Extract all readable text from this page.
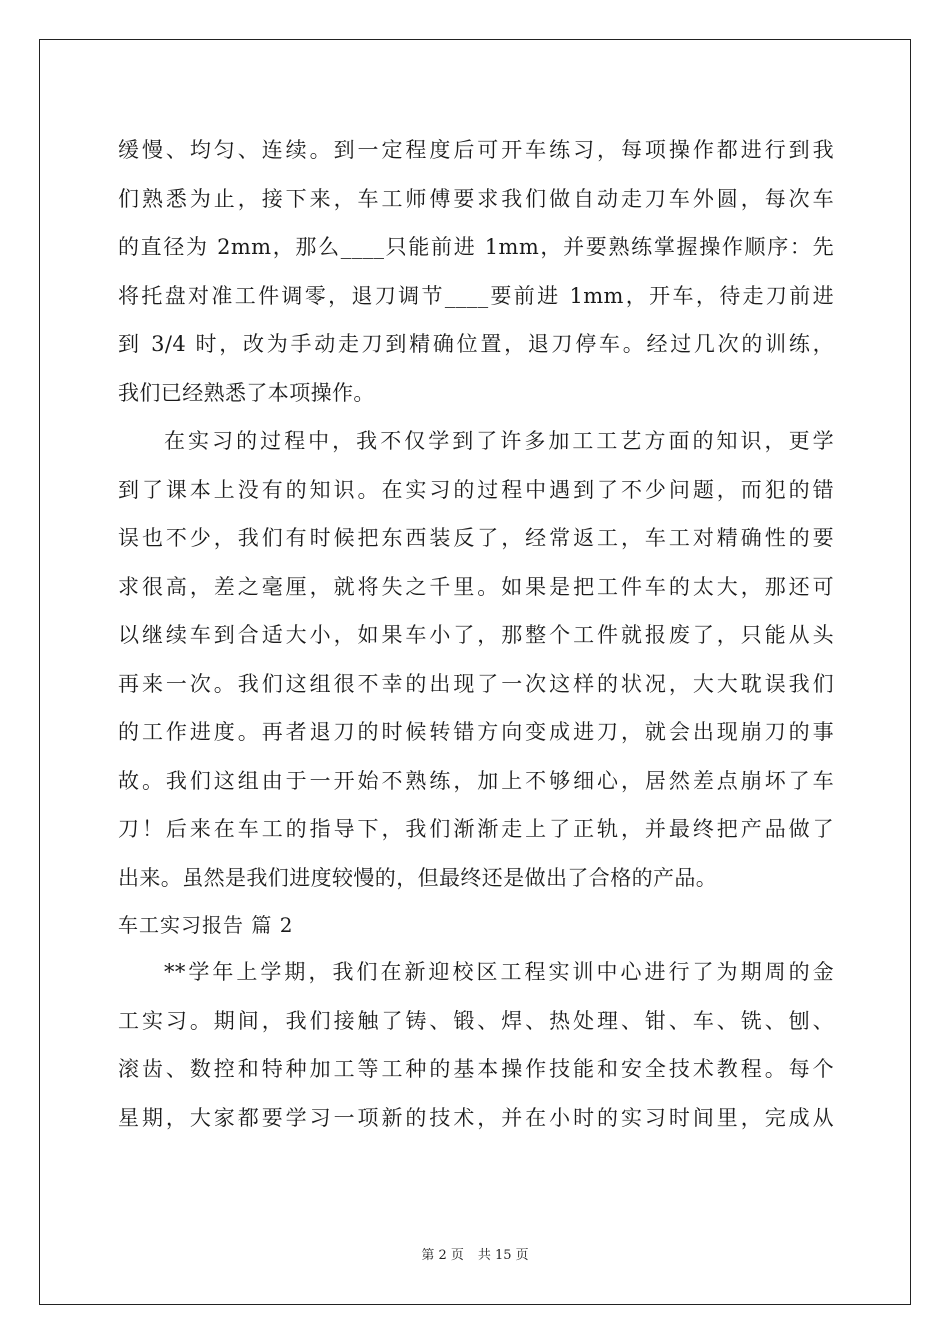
缓慢、均匀、连续。到一定程度后可开车练习，每项操作都进行到我
们熟悉为止，接下来，车工师傅要求我们做自动走刀车外圆，每次车
的直径为 2mm，那么____只能前进 1mm，并要熟练掌握操作顺序：先
将托盘对准工件调零，退刀调节____要前进 1mm，开车，待走刀前进
到 3/4 时，改为手动走刀到精确位置，退刀停车。经过几次的训练，
我们已经熟悉了本项操作。
在实习的过程中，我不仅学到了许多加工工艺方面的知识，更学
到了课本上没有的知识。在实习的过程中遇到了不少问题，而犯的错
误也不少，我们有时候把东西装反了，经常返工，车工对精确性的要
求很高，差之毫厘，就将失之千里。如果是把工件车的太大，那还可
以继续车到合适大小，如果车小了，那整个工件就报废了，只能从头
再来一次。我们这组很不幸的出现了一次这样的状况，大大耽误我们
的工作进度。再者退刀的时候转错方向变成进刀，就会出现崩刀的事
故。我们这组由于一开始不熟练，加上不够细心，居然差点崩坏了车
刀！后来在车工的指导下，我们渐渐走上了正轨，并最终把产品做了
出来。虽然是我们进度较慢的，但最终还是做出了合格的产品。
车工实习报告 篇 2
**学年上学期，我们在新迎校区工程实训中心进行了为期周的金
工实习。期间，我们接触了铸、锻、焊、热处理、钳、车、铣、刨、
滚齿、数控和特种加工等工种的基本操作技能和安全技术教程。每个
星期，大家都要学习一项新的技术，并在小时的实习时间里，完成从
第 2 页 共 15 页
